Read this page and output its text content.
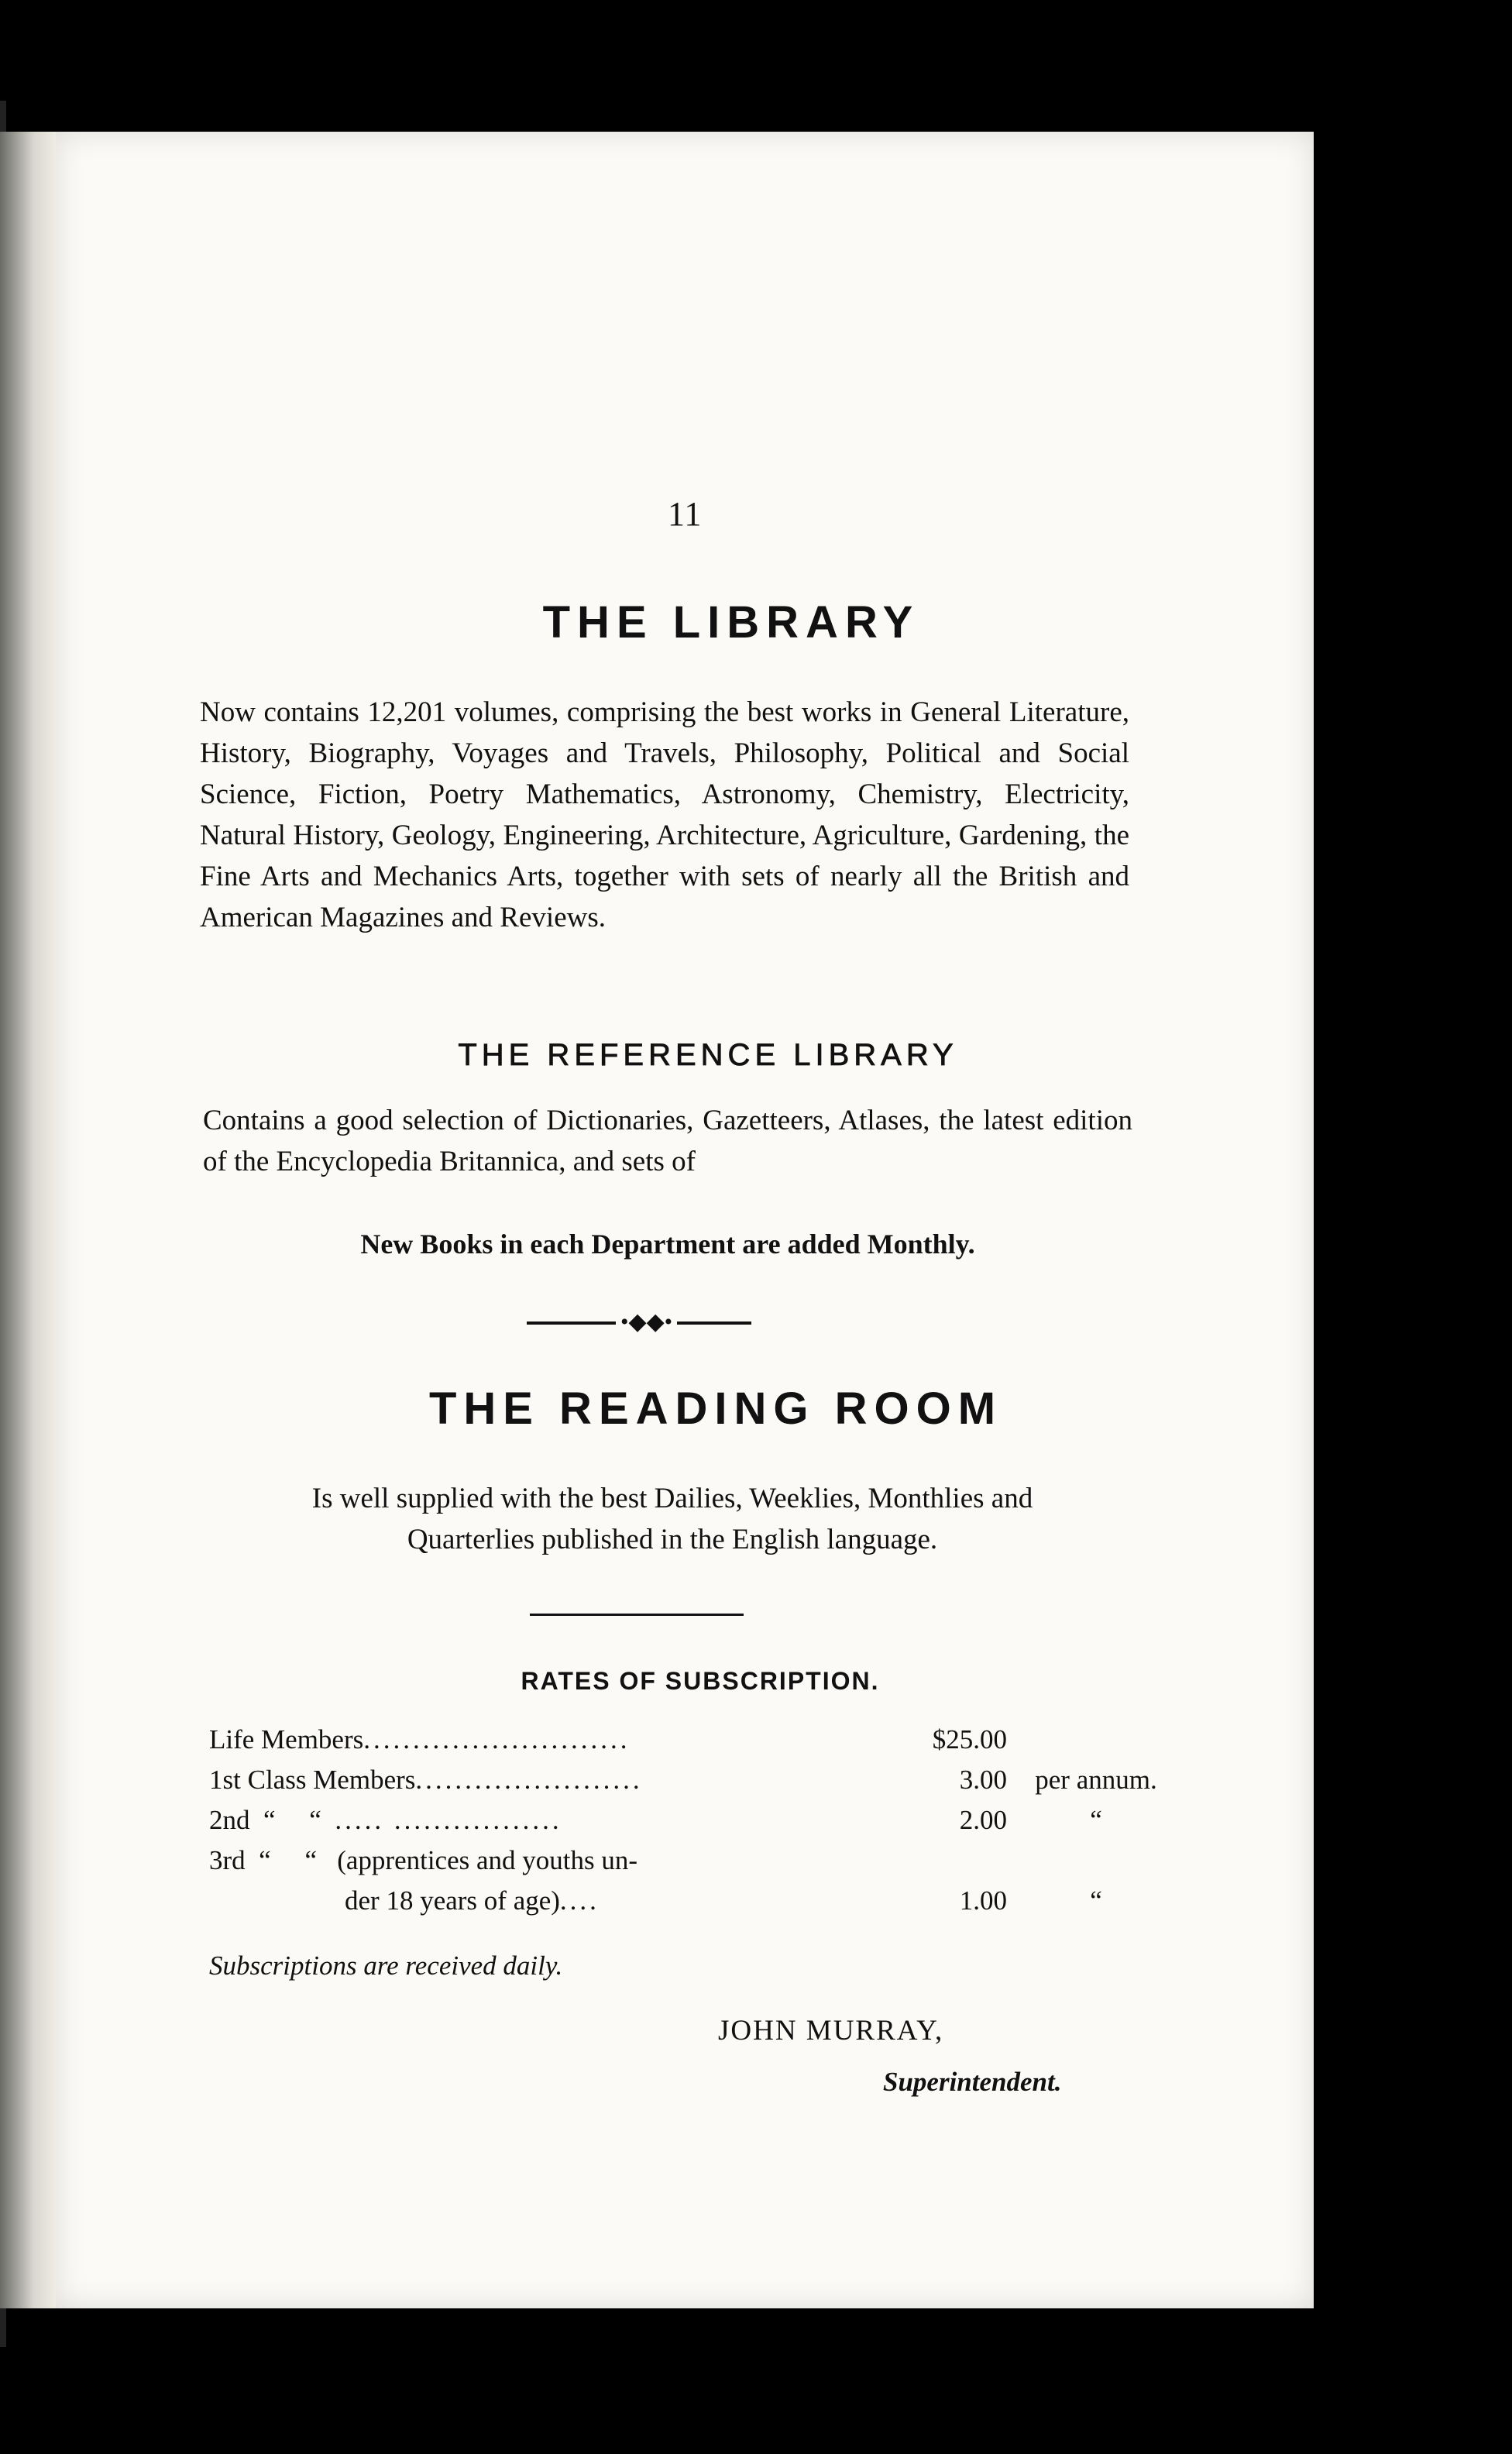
11
THE LIBRARY
Now contains 12,201 volumes, comprising the best works in General Literature, History, Biography, Voyages and Travels, Philosophy, Political and Social Science, Fiction, Poetry Mathematics, Astronomy, Chemistry, Electricity, Natural History, Geology, Engineering, Architecture, Agriculture, Gardening, the Fine Arts and Mechanics Arts, together with sets of nearly all the British and American Magazines and Reviews.
THE REFERENCE LIBRARY
Contains a good selection of Dictionaries, Gazetteers, Atlases, the latest edition of the Encyclopedia Britannica, and sets of
New Books in each Department are added Monthly.
•◆◆•
THE READING ROOM
Is well supplied with the best Dailies, Weeklies, Monthlies and
Quarterlies published in the English language.
RATES OF SUBSCRIPTION.
Life Members ...........................	$25.00
1st Class Members .......................	3.00	per annum.
2nd  “     “ ..... .................	2.00	“
3rd  “     “   (apprentices and youths un-
der 18 years of age) ....	1.00	“
Subscriptions are received daily.
JOHN MURRAY,
Superintendent.
